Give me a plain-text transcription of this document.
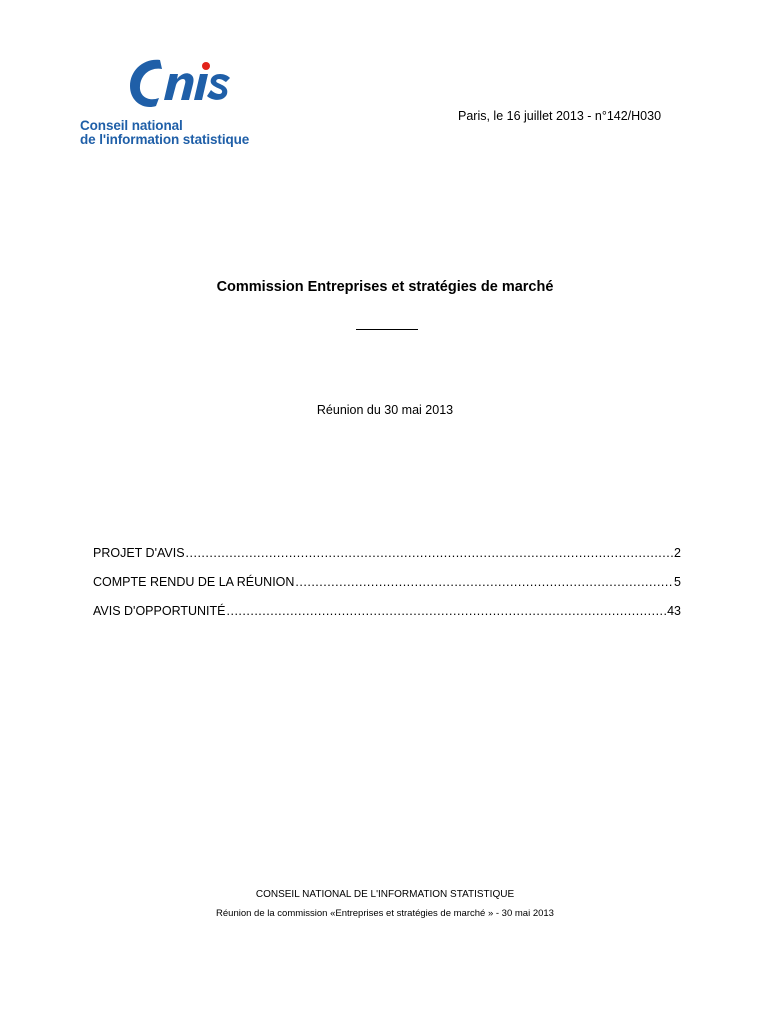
Conseil national
de l'information statistique
Paris, le 16 juillet 2013 - n°142/H030
Commission Entreprises et stratégies de marché
Réunion du 30 mai 2013
PROJET D'AVIS .....	2
COMPTE RENDU DE LA RÉUNION .....	5
AVIS D'OPPORTUNITÉ .....	43
CONSEIL NATIONAL DE L'INFORMATION STATISTIQUE
Réunion de la commission «Entreprises et stratégies de marché » - 30 mai 2013
